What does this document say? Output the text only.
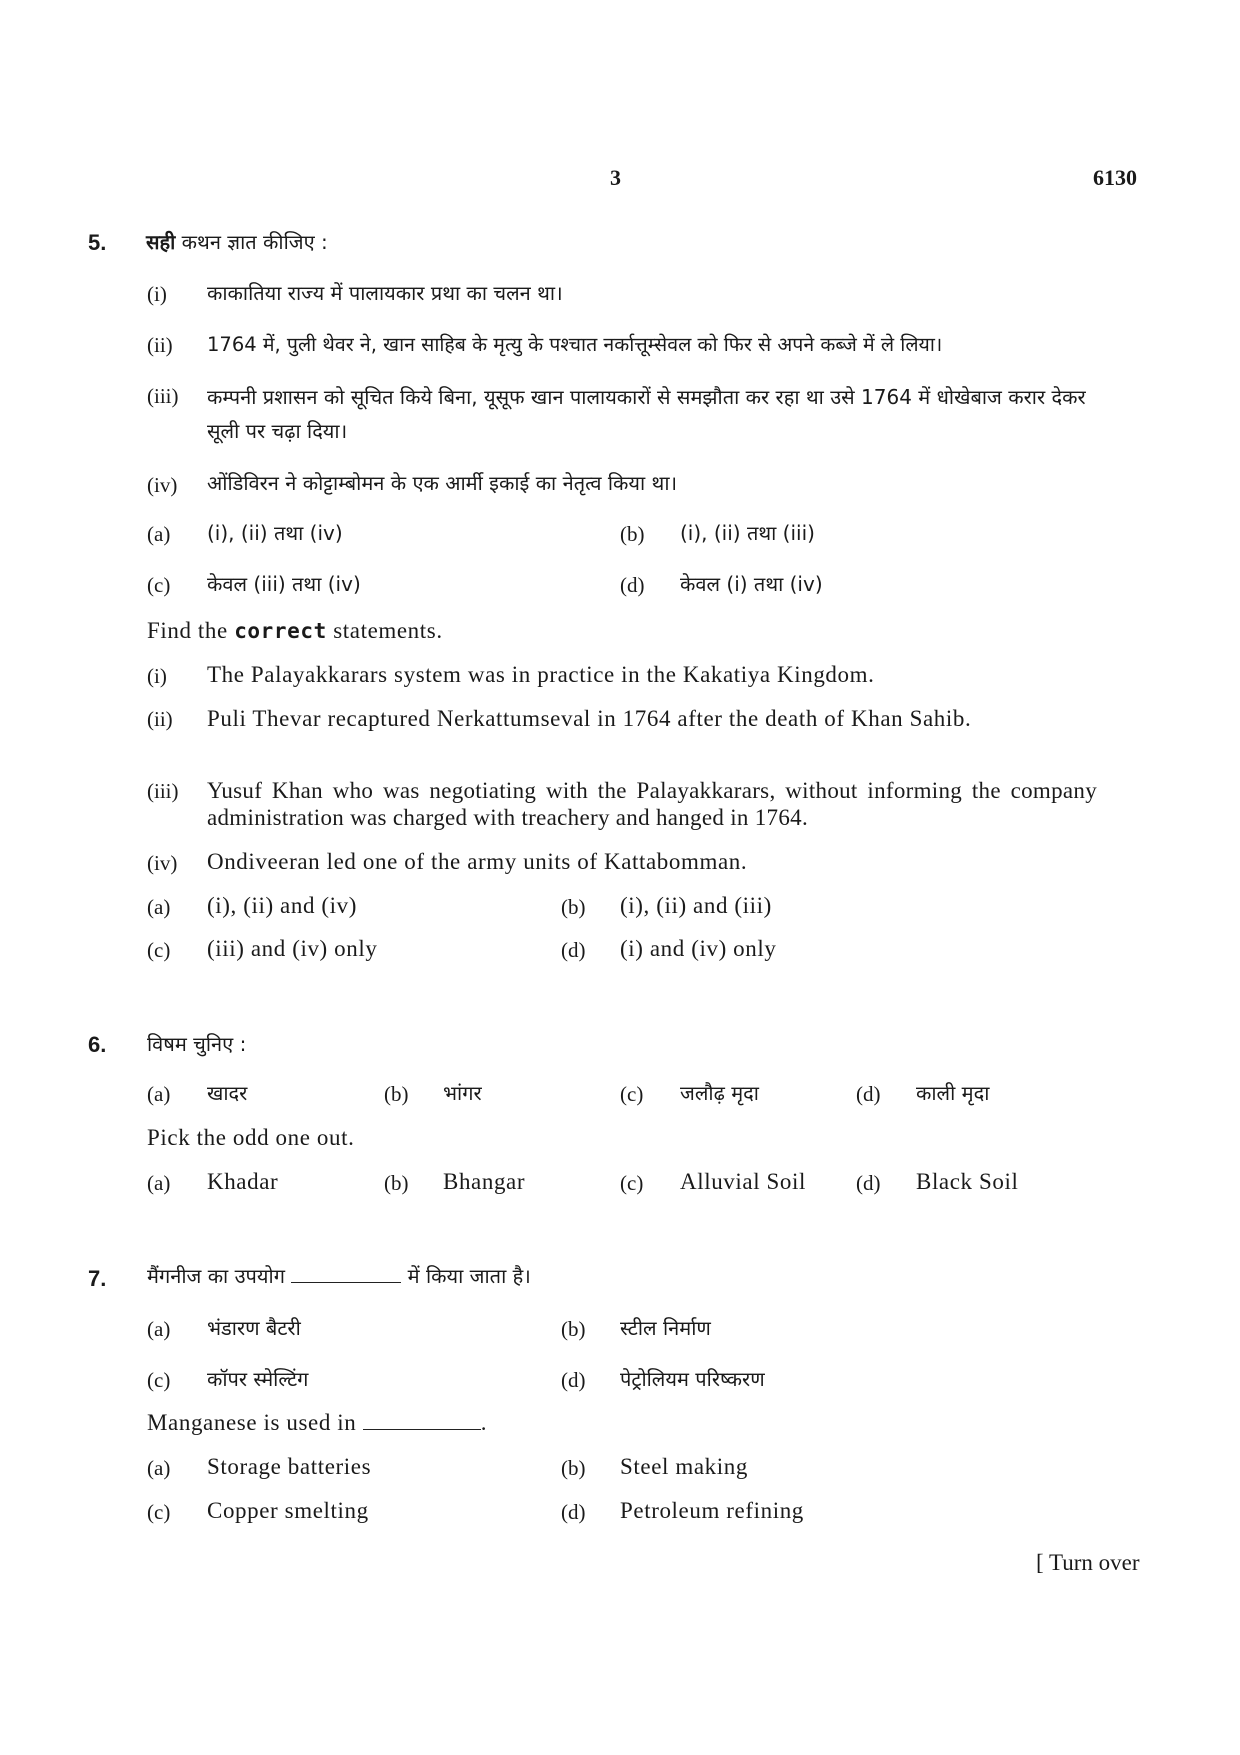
3	6130
5. सही कथन ज्ञात कीजिए :
(i) काकातिया राज्य में पालायकार प्रथा का चलन था।
(ii) 1764 में, पुली थेवर ने, खान साहिब के मृत्यु के पश्चात नर्कात्तूम्सेवल को फिर से अपने कब्जे में ले लिया।
(iii) कम्पनी प्रशासन को सूचित किये बिना, यूसूफ खान पालायकारों से समझौता कर रहा था उसे 1764 में धोखेबाज करार देकर सूली पर चढ़ा दिया।
(iv) ओंडिविरन ने कोट्टाम्बोमन के एक आर्मी इकाई का नेतृत्व किया था।
(a) (i), (ii) तथा (iv)	(b) (i), (ii) तथा (iii)
(c) केवल (iii) तथा (iv)	(d) केवल (i) तथा (iv)
Find the correct statements.
(i) The Palayakkarars system was in practice in the Kakatiya Kingdom.
(ii) Puli Thevar recaptured Nerkattumseval in 1764 after the death of Khan Sahib.
(iii) Yusuf Khan who was negotiating with the Palayakkarars, without informing the company administration was charged with treachery and hanged in 1764.
(iv) Ondiveeran led one of the army units of Kattabomman.
(a) (i), (ii) and (iv)	(b) (i), (ii) and (iii)
(c) (iii) and (iv) only	(d) (i) and (iv) only
6. विषम चुनिए :
(a) खादर	(b) भांगर	(c) जलौढ़ मृदा	(d) काली मृदा
Pick the odd one out.
(a) Khadar	(b) Bhangar	(c) Alluvial Soil (d) Black Soil
7. मैंगनीज का उपयोग	में किया जाता है।
(a) भंडारण बैटरी	(b) स्टील निर्माण
(c) कॉपर स्मेल्टिंग	(d) पेट्रोलियम परिष्करण
Manganese is used in	.
(a) Storage batteries	(b) Steel making
(c) Copper smelting	(d) Petroleum refining
[ Turn over
